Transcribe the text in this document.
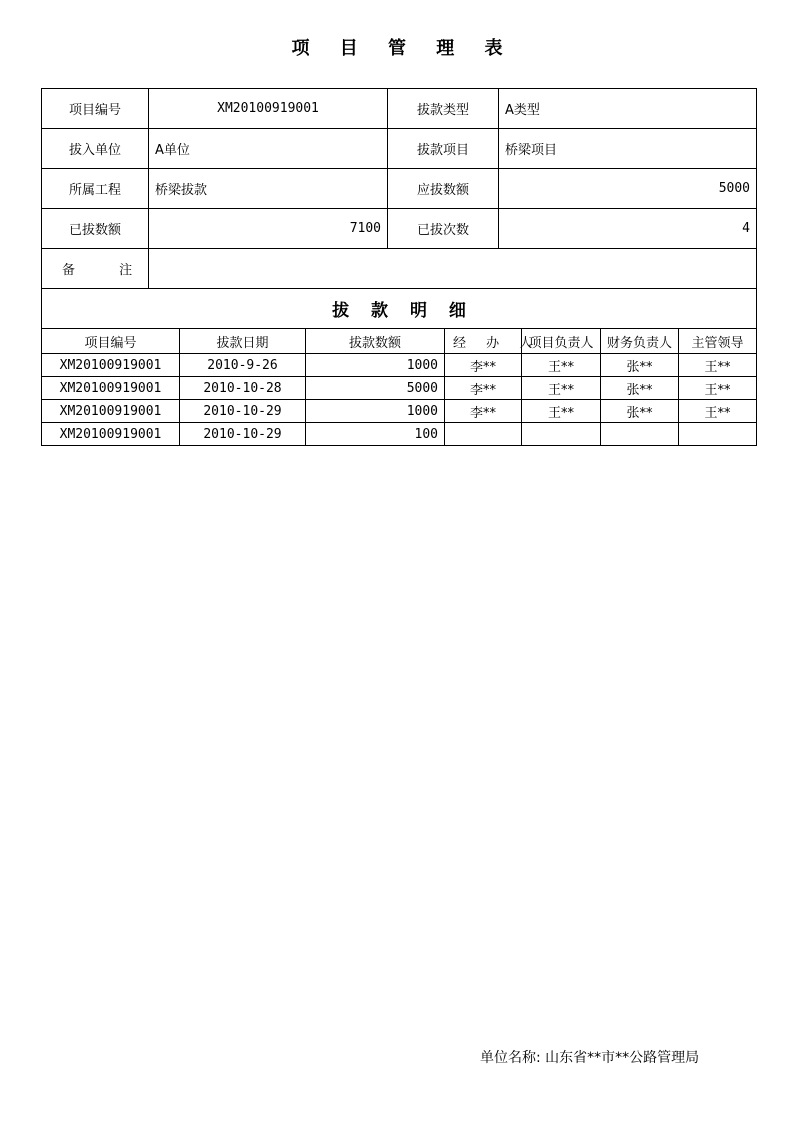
项 目 管 理 表
项目编号	XM20100919001	拔款类型	A类型
拔入单位	A单位	拔款项目	桥梁项目
所属工程	桥梁拔款	应拔数额	5000
已拔数额	7100	已拔次数	4
备 注			
拔 款 明 细						
项目编号	拔款日期	拔款数额	经 办 人	项目负责人	财务负责人	主管领导
XM20100919001	2010-9-26	1000	李**	王**	张**	王**
XM20100919001	2010-10-28	5000	李**	王**	张**	王**
XM20100919001	2010-10-29	1000	李**	王**	张**	王**
XM20100919001	2010-10-29	100				
单位名称: 山东省**市**公路管理局
